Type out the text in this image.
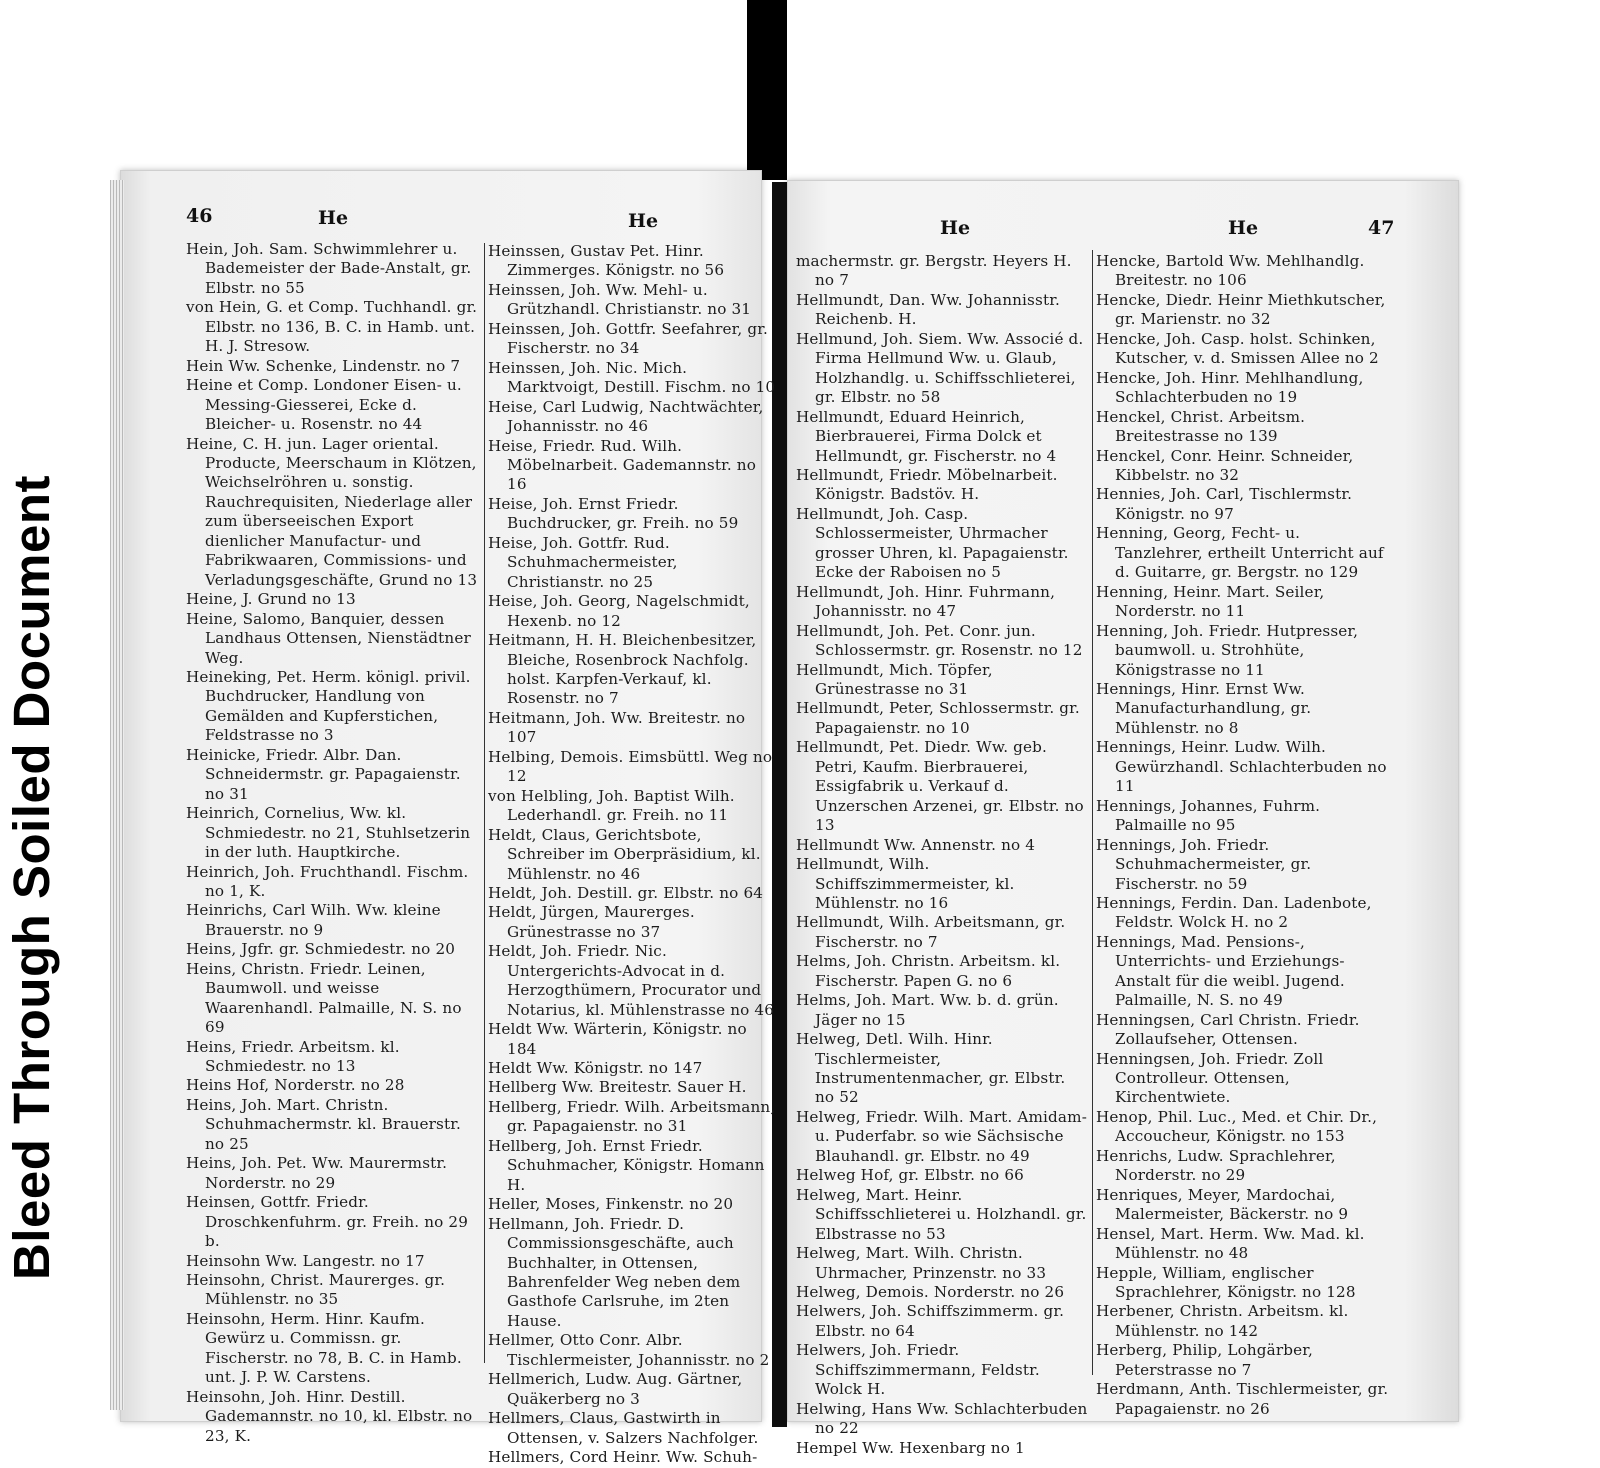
Bleed Through Soiled Document
46	He	He	He	He	47

Hein, Joh. Sam. Schwimmlehrer u. Bademeister der Bade-Anstalt, gr. Elbstr. no 55

von Hein, G. et Comp. Tuchhandl. gr. Elbstr. no 136, B. C. in Hamb. unt. H. J. Stresow.

Hein Ww. Schenke, Lindenstr. no 7

Heine et Comp. Londoner Eisen- u. Messing-Giesserei, Ecke d. Bleicher- u. Rosenstr. no 44

Heine, C. H. jun. Lager oriental. Producte, Meerschaum in Klötzen, Weichselröhren u. sonstig. Rauchrequisiten, Niederlage aller zum überseeischen Export dienlicher Manufactur- und Fabrikwaaren, Commissions- und Verladungsgeschäfte, Grund no 13

Heine, J. Grund no 13

Heine, Salomo, Banquier, dessen Landhaus Ottensen, Nienstädtner Weg.

Heineking, Pet. Herm. königl. privil. Buchdrucker, Handlung von Gemälden and Kupferstichen, Feldstrasse no 3

Heinicke, Friedr. Albr. Dan. Schneidermstr. gr. Papagaienstr. no 31

Heinrich, Cornelius, Ww. kl. Schmiedestr. no 21, Stuhlsetzerin in der luth. Hauptkirche.

Heinrich, Joh. Fruchthandl. Fischm. no 1, K.

Heinrichs, Carl Wilh. Ww. kleine Brauerstr. no 9

Heins, Jgfr. gr. Schmiedestr. no 20

Heins, Christn. Friedr. Leinen, Baumwoll. und weisse Waarenhandl. Palmaille, N. S. no 69

Heins, Friedr. Arbeitsm. kl. Schmiedestr. no 13

Heins Hof, Norderstr. no 28

Heins, Joh. Mart. Christn. Schuhmachermstr. kl. Brauerstr. no 25

Heins, Joh. Pet. Ww. Maurermstr. Norderstr. no 29

Heinsen, Gottfr. Friedr. Droschkenfuhrm. gr. Freih. no 29 b.

Heinsohn Ww. Langestr. no 17

Heinsohn, Christ. Maurerges. gr. Mühlenstr. no 35

Heinsohn, Herm. Hinr. Kaufm. Gewürz u. Commissn. gr. Fischerstr. no 78, B. C. in Hamb. unt. J. P. W. Carstens.

Heinsohn, Joh. Hinr. Destill. Gademannstr. no 10, kl. Elbstr. no 23, K.

Heinssen, Gustav Pet. Hinr. Zimmerges. Königstr. no 56

Heinssen, Joh. Ww. Mehl- u. Grützhandl. Christianstr. no 31

Heinssen, Joh. Gottfr. Seefahrer, gr. Fischerstr. no 34

Heinssen, Joh. Nic. Mich. Marktvoigt, Destill. Fischm. no 10

Heise, Carl Ludwig, Nachtwächter, Johannisstr. no 46

Heise, Friedr. Rud. Wilh. Möbelnarbeit. Gademannstr. no 16

Heise, Joh. Ernst Friedr. Buchdrucker, gr. Freih. no 59

Heise, Joh. Gottfr. Rud. Schuhmachermeister, Christianstr. no 25

Heise, Joh. Georg, Nagelschmidt, Hexenb. no 12

Heitmann, H. H. Bleichenbesitzer, Bleiche, Rosenbrock Nachfolg. holst. Karpfen-Verkauf, kl. Rosenstr. no 7

Heitmann, Joh. Ww. Breitestr. no 107

Helbing, Demois. Eimsbüttl. Weg no 12

von Helbling, Joh. Baptist Wilh. Lederhandl. gr. Freih. no 11

Heldt, Claus, Gerichtsbote, Schreiber im Oberpräsidium, kl. Mühlenstr. no 46

Heldt, Joh. Destill. gr. Elbstr. no 64

Heldt, Jürgen, Maurerges. Grünestrasse no 37

Heldt, Joh. Friedr. Nic. Untergerichts-Advocat in d. Herzogthümern, Procurator und Notarius, kl. Mühlenstrasse no 46

Heldt Ww. Wärterin, Königstr. no 184

Heldt Ww. Königstr. no 147

Hellberg Ww. Breitestr. Sauer H.

Hellberg, Friedr. Wilh. Arbeitsmann, gr. Papagaienstr. no 31

Hellberg, Joh. Ernst Friedr. Schuhmacher, Königstr. Homann H.

Heller, Moses, Finkenstr. no 20

Hellmann, Joh. Friedr. D. Commissionsgeschäfte, auch Buchhalter, in Ottensen, Bahrenfelder Weg neben dem Gasthofe Carlsruhe, im 2ten Hause.

Hellmer, Otto Conr. Albr. Tischlermeister, Johannisstr. no 2

Hellmerich, Ludw. Aug. Gärtner, Quäkerberg no 3

Hellmers, Claus, Gastwirth in Ottensen, v. Salzers Nachfolger.

Hellmers, Cord Heinr. Ww. Schuh-

machermstr. gr. Bergstr. Heyers H. no 7

Hellmundt, Dan. Ww. Johannisstr. Reichenb. H.

Hellmund, Joh. Siem. Ww. Associé d. Firma Hellmund Ww. u. Glaub, Holzhandlg. u. Schiffsschlieterei, gr. Elbstr. no 58

Hellmundt, Eduard Heinrich, Bierbrauerei, Firma Dolck et Hellmundt, gr. Fischerstr. no 4

Hellmundt, Friedr. Möbelnarbeit. Königstr. Badstöv. H.

Hellmundt, Joh. Casp. Schlossermeister, Uhrmacher grosser Uhren, kl. Papagaienstr. Ecke der Raboisen no 5

Hellmundt, Joh. Hinr. Fuhrmann, Johannisstr. no 47

Hellmundt, Joh. Pet. Conr. jun. Schlossermstr. gr. Rosenstr. no 12

Hellmundt, Mich. Töpfer, Grünestrasse no 31

Hellmundt, Peter, Schlossermstr. gr. Papagaienstr. no 10

Hellmundt, Pet. Diedr. Ww. geb. Petri, Kaufm. Bierbrauerei, Essigfabrik u. Verkauf d. Unzerschen Arzenei, gr. Elbstr. no 13

Hellmundt Ww. Annenstr. no 4

Hellmundt, Wilh. Schiffszimmermeister, kl. Mühlenstr. no 16

Hellmundt, Wilh. Arbeitsmann, gr. Fischerstr. no 7

Helms, Joh. Christn. Arbeitsm. kl. Fischerstr. Papen G. no 6

Helms, Joh. Mart. Ww. b. d. grün. Jäger no 15

Helweg, Detl. Wilh. Hinr. Tischlermeister, Instrumentenmacher, gr. Elbstr. no 52

Helweg, Friedr. Wilh. Mart. Amidam- u. Puderfabr. so wie Sächsische Blauhandl. gr. Elbstr. no 49

Helweg Hof, gr. Elbstr. no 66

Helweg, Mart. Heinr. Schiffsschlieterei u. Holzhandl. gr. Elbstrasse no 53

Helweg, Mart. Wilh. Christn. Uhrmacher, Prinzenstr. no 33

Helweg, Demois. Norderstr. no 26

Helwers, Joh. Schiffszimmerm. gr. Elbstr. no 64

Helwers, Joh. Friedr. Schiffszimmermann, Feldstr. Wolck H.

Helwing, Hans Ww. Schlachterbuden no 22

Hempel Ww. Hexenbarg no 1

Hencke, Bartold Ww. Mehlhandlg. Breitestr. no 106

Hencke, Diedr. Heinr Miethkutscher, gr. Marienstr. no 32

Hencke, Joh. Casp. holst. Schinken, Kutscher, v. d. Smissen Allee no 2

Hencke, Joh. Hinr. Mehlhandlung, Schlachterbuden no 19

Henckel, Christ. Arbeitsm. Breitestrasse no 139

Henckel, Conr. Heinr. Schneider, Kibbelstr. no 32

Hennies, Joh. Carl, Tischlermstr. Königstr. no 97

Henning, Georg, Fecht- u. Tanzlehrer, ertheilt Unterricht auf d. Guitarre, gr. Bergstr. no 129

Henning, Heinr. Mart. Seiler, Norderstr. no 11

Henning, Joh. Friedr. Hutpresser, baumwoll. u. Strohhüte, Königstrasse no 11

Hennings, Hinr. Ernst Ww. Manufacturhandlung, gr. Mühlenstr. no 8

Hennings, Heinr. Ludw. Wilh. Gewürzhandl. Schlachterbuden no 11

Hennings, Johannes, Fuhrm. Palmaille no 95

Hennings, Joh. Friedr. Schuhmachermeister, gr. Fischerstr. no 59

Hennings, Ferdin. Dan. Ladenbote, Feldstr. Wolck H. no 2

Hennings, Mad. Pensions-, Unterrichts- und Erziehungs-Anstalt für die weibl. Jugend. Palmaille, N. S. no 49

Henningsen, Carl Christn. Friedr. Zollaufseher, Ottensen.

Henningsen, Joh. Friedr. Zoll Controlleur. Ottensen, Kirchentwiete.

Henop, Phil. Luc., Med. et Chir. Dr., Accoucheur, Königstr. no 153

Henrichs, Ludw. Sprachlehrer, Norderstr. no 29

Henriques, Meyer, Mardochai, Malermeister, Bäckerstr. no 9

Hensel, Mart. Herm. Ww. Mad. kl. Mühlenstr. no 48

Hepple, William, englischer Sprachlehrer, Königstr. no 128

Herbener, Christn. Arbeitsm. kl. Mühlenstr. no 142

Herberg, Philip, Lohgärber, Peterstrasse no 7

Herdmann, Anth. Tischlermeister, gr. Papagaienstr. no 26
